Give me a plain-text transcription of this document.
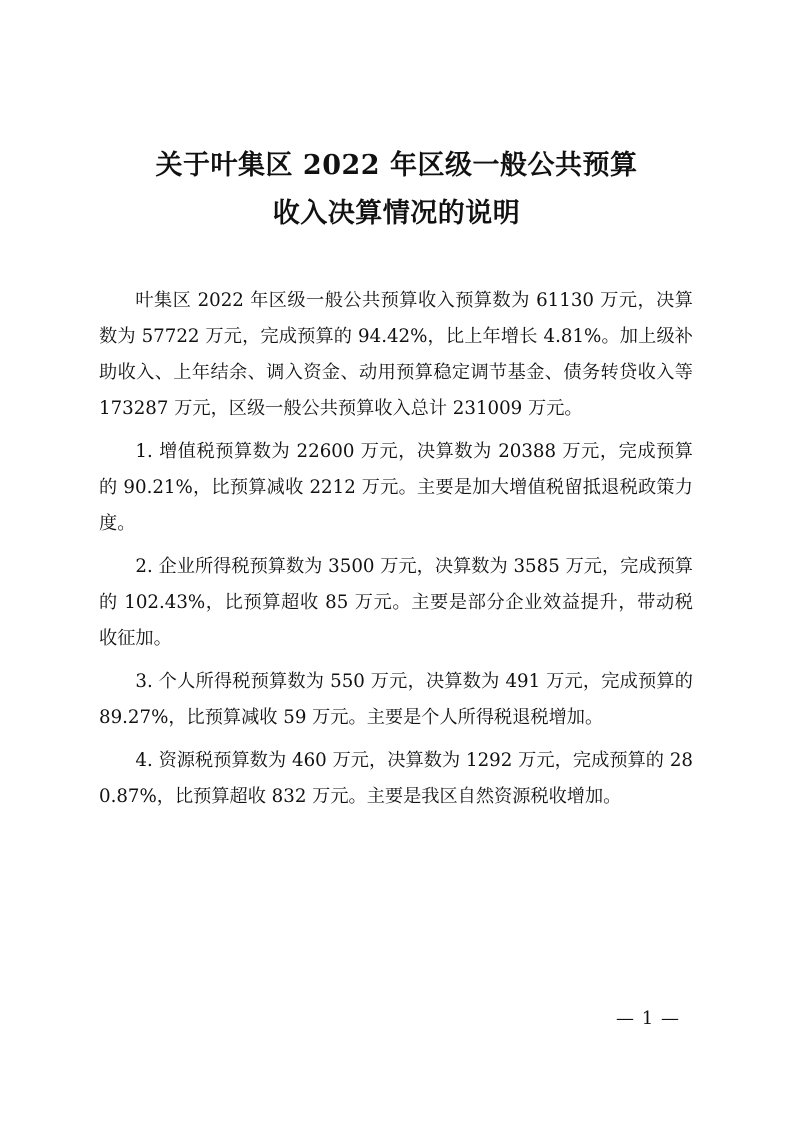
关于叶集区 2022 年区级一般公共预算
收入决算情况的说明

叶集区 2022 年区级一般公共预算收入预算数为 61130 万元，决算数为 57722 万元，完成预算的 94.42%，比上年增长 4.81%。加上级补助收入、上年结余、调入资金、动用预算稳定调节基金、债务转贷收入等 173287 万元，区级一般公共预算收入总计 231009 万元。

1. 增值税预算数为 22600 万元，决算数为 20388 万元，完成预算的 90.21%，比预算减收 2212 万元。主要是加大增值税留抵退税政策力度。

2. 企业所得税预算数为 3500 万元，决算数为 3585 万元，完成预算的 102.43%，比预算超收 85 万元。主要是部分企业效益提升，带动税收征加。

3. 个人所得税预算数为 550 万元，决算数为 491 万元，完成预算的 89.27%，比预算减收 59 万元。主要是个人所得税退税增加。

4. 资源税预算数为 460 万元，决算数为 1292 万元，完成预算的 280.87%，比预算超收 832 万元。主要是我区自然资源税收增加。

— 1 —
